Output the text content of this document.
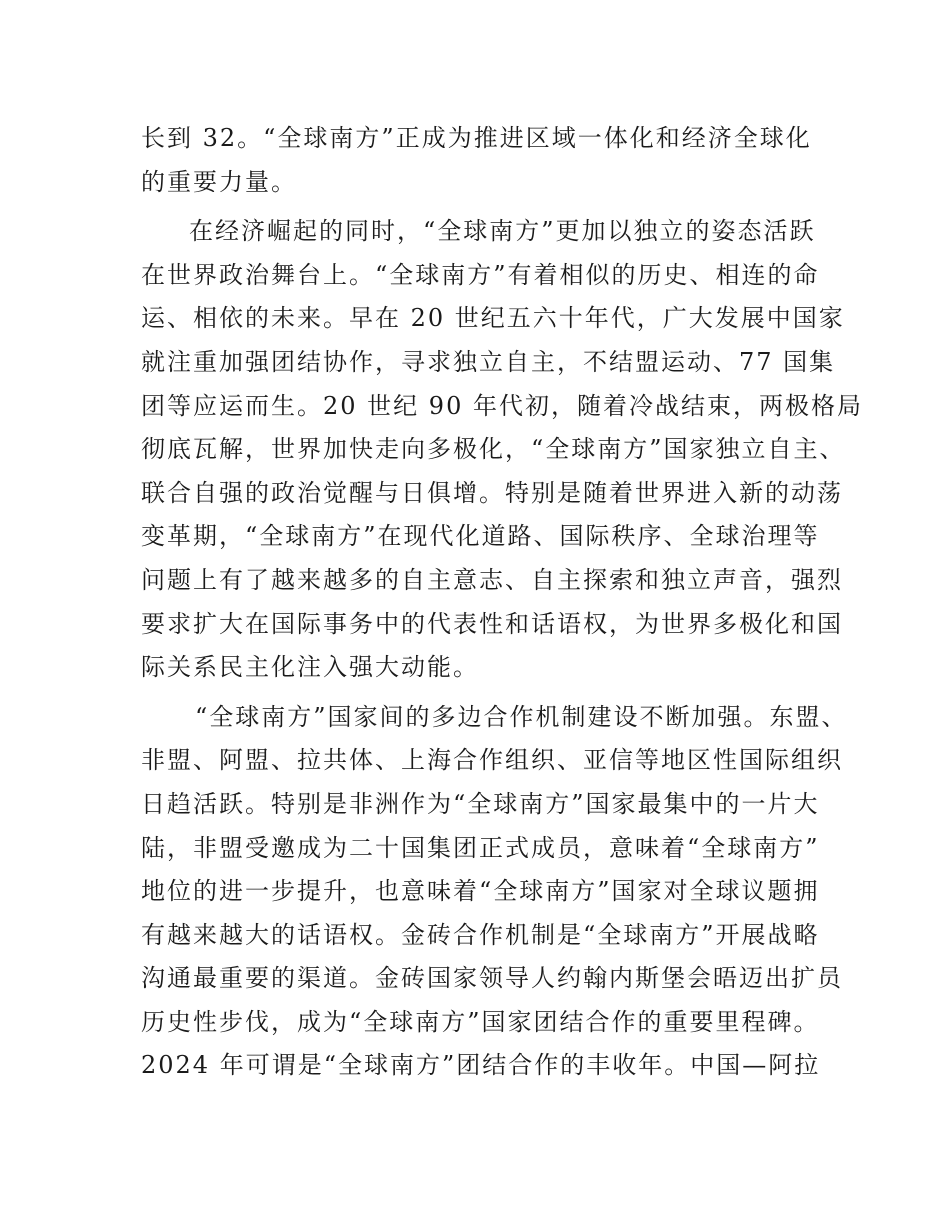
长到 32。“全球南方”正成为推进区域一体化和经济全球化
的重要力量。
在经济崛起的同时，“全球南方”更加以独立的姿态活跃
在世界政治舞台上。“全球南方”有着相似的历史、相连的命
运、相依的未来。早在 20 世纪五六十年代，广大发展中国家
就注重加强团结协作，寻求独立自主，不结盟运动、77 国集
团等应运而生。20 世纪 90 年代初，随着冷战结束，两极格局
彻底瓦解，世界加快走向多极化，“全球南方”国家独立自主、
联合自强的政治觉醒与日俱增。特别是随着世界进入新的动荡
变革期，“全球南方”在现代化道路、国际秩序、全球治理等
问题上有了越来越多的自主意志、自主探索和独立声音，强烈
要求扩大在国际事务中的代表性和话语权，为世界多极化和国
际关系民主化注入强大动能。
“全球南方”国家间的多边合作机制建设不断加强。东盟、
非盟、阿盟、拉共体、上海合作组织、亚信等地区性国际组织
日趋活跃。特别是非洲作为“全球南方”国家最集中的一片大
陆，非盟受邀成为二十国集团正式成员，意味着“全球南方”
地位的进一步提升，也意味着“全球南方”国家对全球议题拥
有越来越大的话语权。金砖合作机制是“全球南方”开展战略
沟通最重要的渠道。金砖国家领导人约翰内斯堡会晤迈出扩员
历史性步伐，成为“全球南方”国家团结合作的重要里程碑。
2024 年可谓是“全球南方”团结合作的丰收年。中国—阿拉
